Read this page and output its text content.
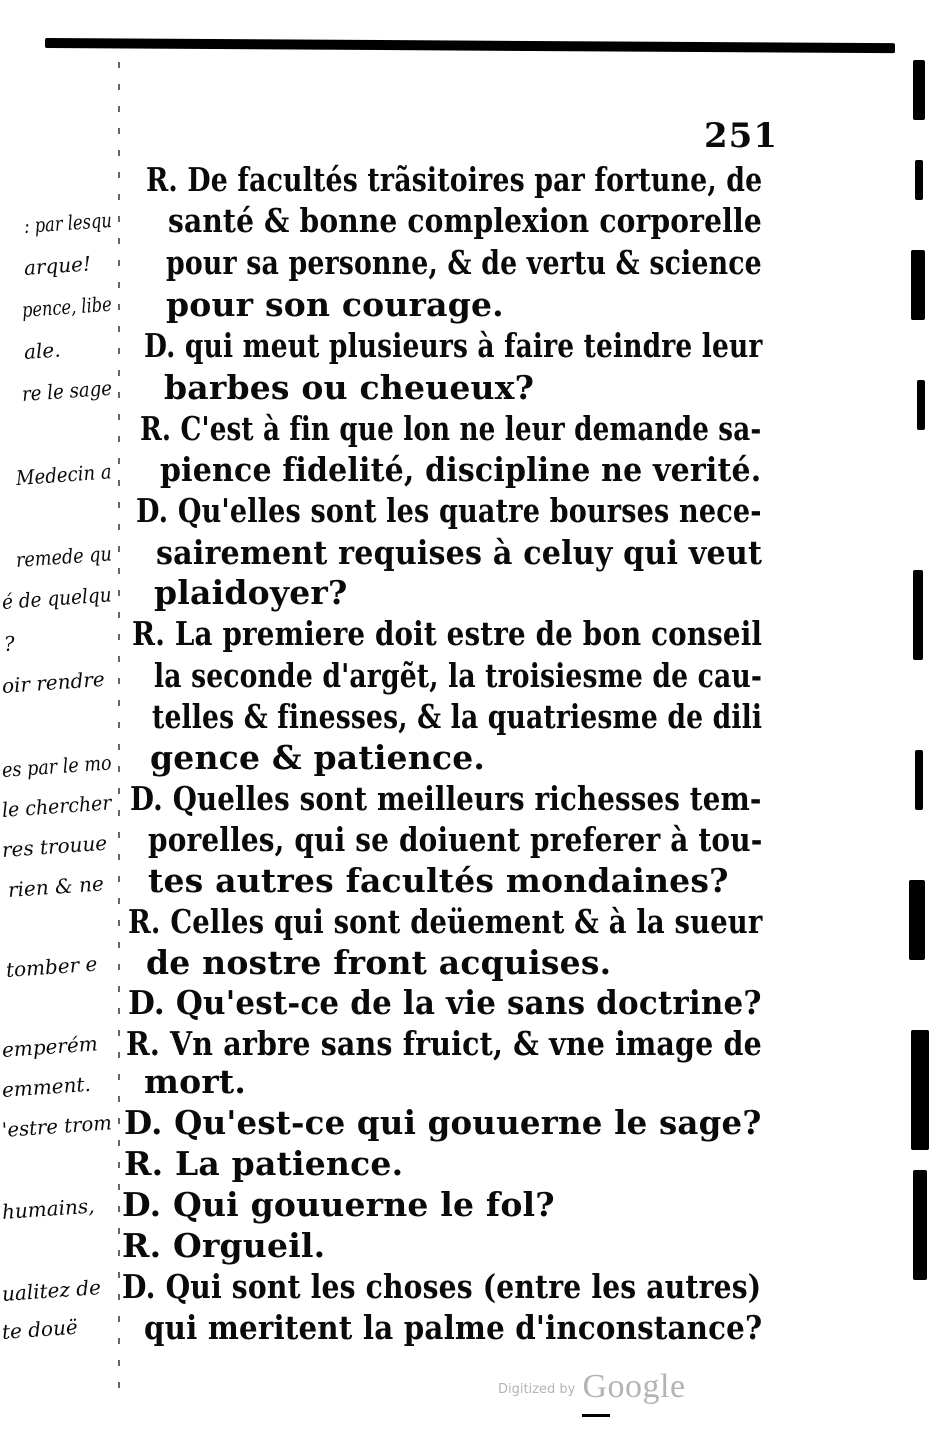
251
: par lesqu
arque!
pence, libe
ale.
re le sage
Medecin a
remede qu
é de quelqu
?
oir rendre
es par le mo
le chercher
res trouue
rien & ne
tomber e
emperém
emment.
'estre trom
humains,
ualitez de
te douë
R. De facultés trãsitoires par fortune, de
santé & bonne complexion corporelle
pour sa personne, & de vertu & science
pour son courage.
D. qui meut plusieurs à faire teindre leur
barbes ou cheueux?
R. C'est à fin que lon ne leur demande sa-
pience fidelité, discipline ne verité.
D. Qu'elles sont les quatre bourses nece-
sairement requises à celuy qui veut
plaidoyer?
R. La premiere doit estre de bon conseil
la seconde d'argẽt, la troisiesme de cau-
telles & finesses, & la quatriesme de dili
gence & patience.
D. Quelles sont meilleurs richesses tem-
porelles, qui se doiuent preferer à tou-
tes autres facultés mondaines?
R. Celles qui sont deüement & à la sueur
de nostre front acquises.
D. Qu'est-ce de la vie sans doctrine?
R. Vn arbre sans fruict, & vne image de
mort.
D. Qu'est-ce qui gouuerne le sage?
R. La patience.
D. Qui gouuerne le fol?
R. Orgueil.
D. Qui sont les choses (entre les autres)
qui meritent la palme d'inconstance?
$^{Digitized by}$ Google
